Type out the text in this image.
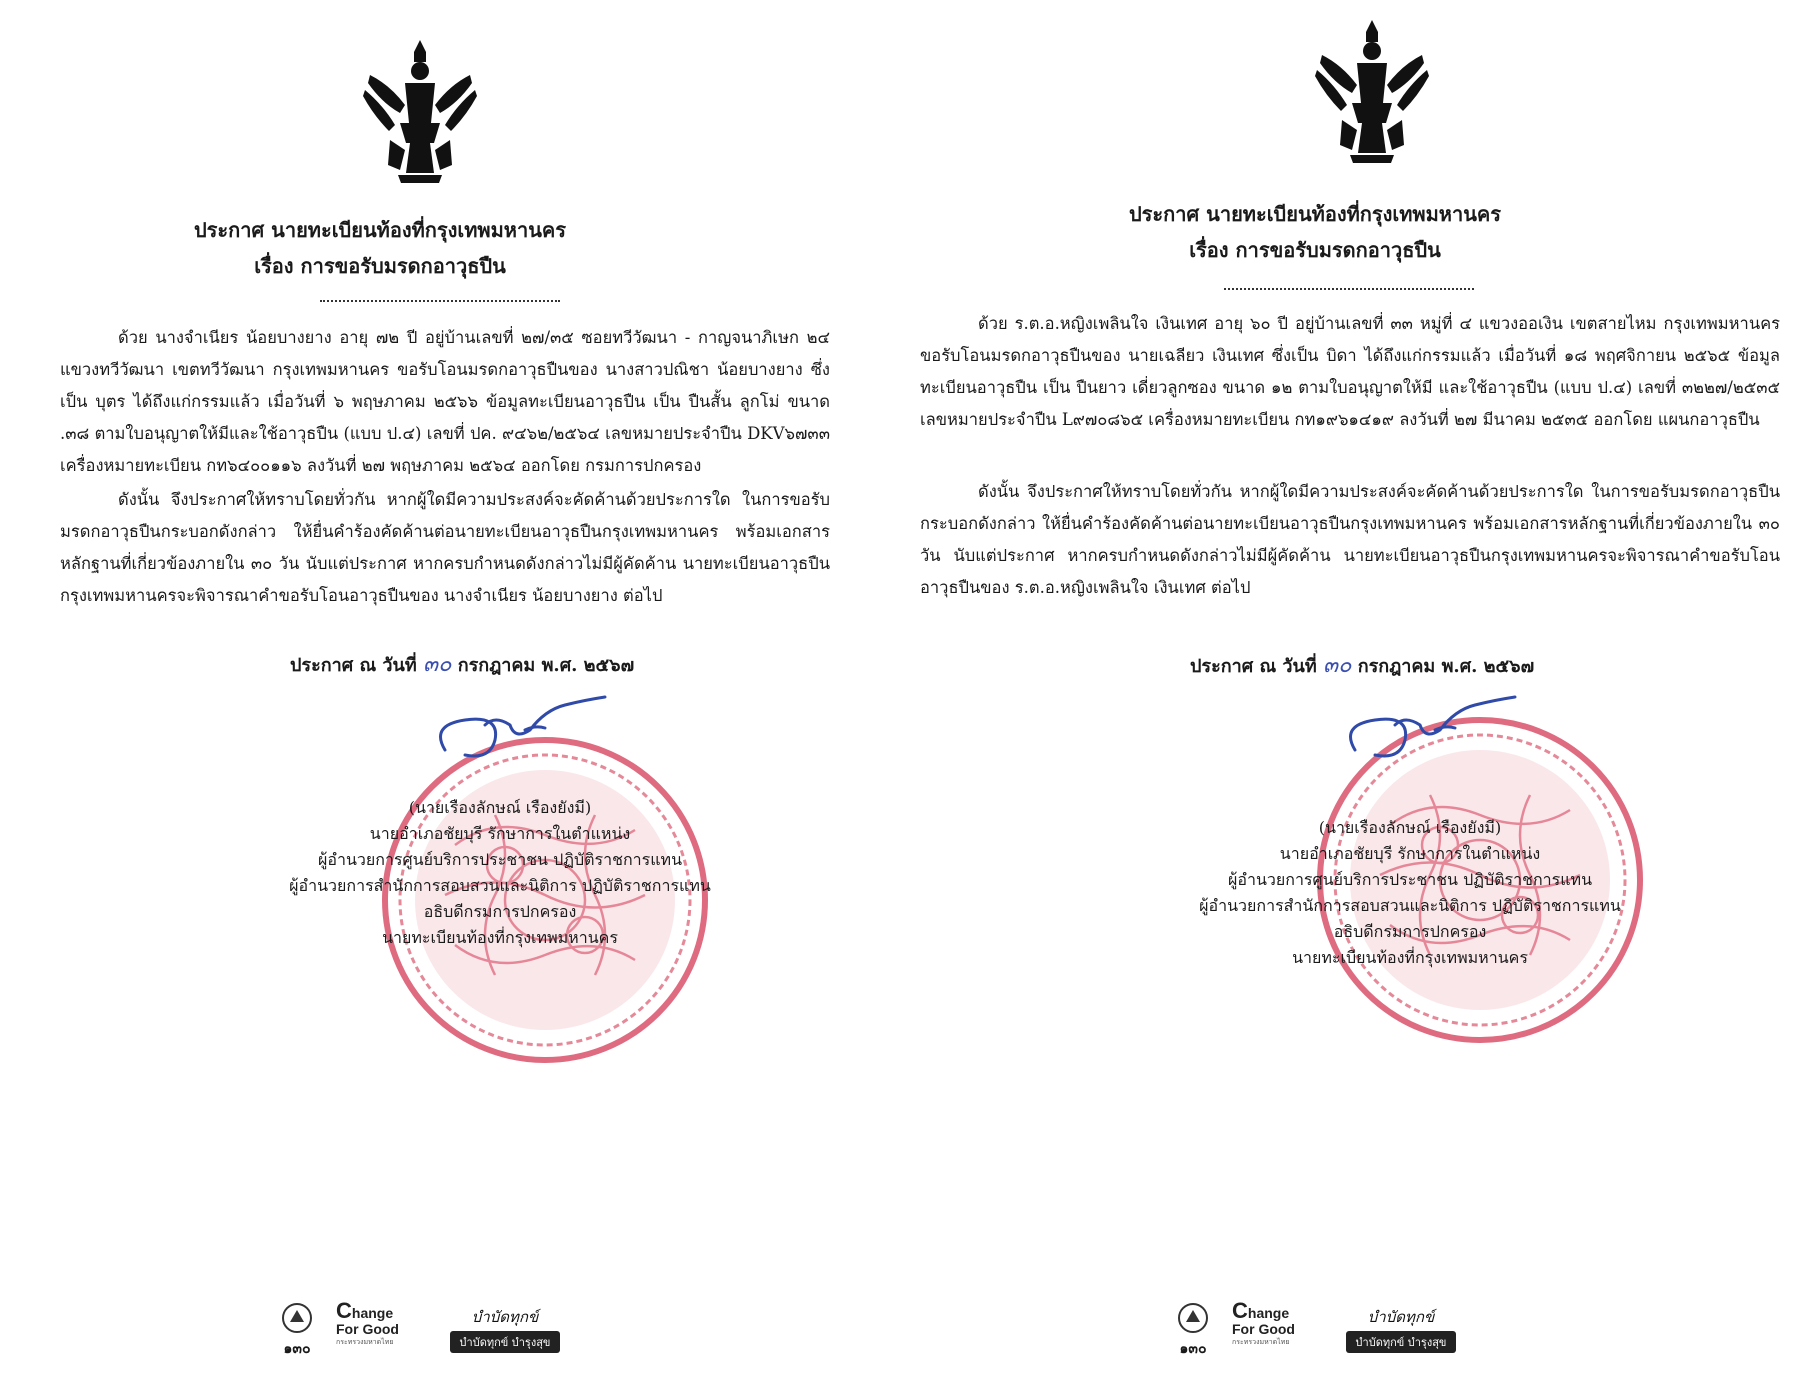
ประกาศ นายทะเบียนท้องที่กรุงเทพมหานคร
เรื่อง การขอรับมรดกอาวุธปืน

ด้วย นางจำเนียร น้อยบางยาง อายุ ๗๒ ปี อยู่บ้านเลขที่ ๒๗/๓๕ ซอยทวีวัฒนา - กาญจนาภิเษก ๒๔ แขวงทวีวัฒนา เขตทวีวัฒนา กรุงเทพมหานคร ขอรับโอนมรดกอาวุธปืนของ นางสาวปณิชา น้อยบางยาง ซึ่งเป็น บุตร ได้ถึงแก่กรรมแล้ว เมื่อวันที่ ๖ พฤษภาคม ๒๕๖๖ ข้อมูลทะเบียนอาวุธปืน เป็น ปืนสั้น ลูกโม่ ขนาด .๓๘ ตามใบอนุญาตให้มีและใช้อาวุธปืน (แบบ ป.๔) เลขที่ ปค. ๙๔๖๒/๒๕๖๔ เลขหมายประจำปืน DKV๖๗๓๓ เครื่องหมายทะเบียน กท๖๔๐๐๑๑๖ ลงวันที่ ๒๗ พฤษภาคม ๒๕๖๔ ออกโดย กรมการปกครอง

ดังนั้น จึงประกาศให้ทราบโดยทั่วกัน หากผู้ใดมีความประสงค์จะคัดค้านด้วยประการใด ในการขอรับมรดกอาวุธปืนกระบอกดังกล่าว ให้ยื่นคำร้องคัดค้านต่อนายทะเบียนอาวุธปืนกรุงเทพมหานคร พร้อมเอกสารหลักฐานที่เกี่ยวข้องภายใน ๓๐ วัน นับแต่ประกาศ หากครบกำหนดดังกล่าวไม่มีผู้คัดค้าน นายทะเบียนอาวุธปืนกรุงเทพมหานครจะพิจารณาคำขอรับโอนอาวุธปืนของ นางจำเนียร น้อยบางยาง ต่อไป

ประกาศ ณ วันที่ ๓๐ กรกฎาคม พ.ศ. ๒๕๖๗
(นายเรืองลักษณ์ เรืองยังมี)
นายอำเภอชัยบุรี รักษาการในตำแหน่ง
ผู้อำนวยการศูนย์บริการประชาชน ปฏิบัติราชการแทน
ผู้อำนวยการสำนักการสอบสวนและนิติการ ปฏิบัติราชการแทน
อธิบดีกรมการปกครอง
นายทะเบียนท้องที่กรุงเทพมหานคร
๑๓๐
Change
For Good
กระทรวงมหาดไทย
บำบัดทุกข์
บำบัดทุกข์ บำรุงสุข
ประกาศ นายทะเบียนท้องที่กรุงเทพมหานคร
เรื่อง การขอรับมรดกอาวุธปืน

ด้วย ร.ต.อ.หญิงเพลินใจ เงินเทศ อายุ ๖๐ ปี อยู่บ้านเลขที่ ๓๓ หมู่ที่ ๔ แขวงออเงิน เขตสายไหม กรุงเทพมหานคร ขอรับโอนมรดกอาวุธปืนของ นายเฉลียว เงินเทศ ซึ่งเป็น บิดา ได้ถึงแก่กรรมแล้ว เมื่อวันที่ ๑๘ พฤศจิกายน ๒๕๖๕ ข้อมูลทะเบียนอาวุธปืน เป็น ปืนยาว เดี่ยวลูกซอง ขนาด ๑๒ ตามใบอนุญาตให้มี และใช้อาวุธปืน (แบบ ป.๔) เลขที่ ๓๒๒๗/๒๕๓๕ เลขหมายประจำปืน L๙๗๐๘๖๕ เครื่องหมายทะเบียน กท๑๙๖๑๔๑๙ ลงวันที่ ๒๗ มีนาคม ๒๕๓๕ ออกโดย แผนกอาวุธปืน

ดังนั้น จึงประกาศให้ทราบโดยทั่วกัน หากผู้ใดมีความประสงค์จะคัดค้านด้วยประการใด ในการขอรับมรดกอาวุธปืนกระบอกดังกล่าว ให้ยื่นคำร้องคัดค้านต่อนายทะเบียนอาวุธปืนกรุงเทพมหานคร พร้อมเอกสารหลักฐานที่เกี่ยวข้องภายใน ๓๐ วัน นับแต่ประกาศ หากครบกำหนดดังกล่าวไม่มีผู้คัดค้าน นายทะเบียนอาวุธปืนกรุงเทพมหานครจะพิจารณาคำขอรับโอนอาวุธปืนของ ร.ต.อ.หญิงเพลินใจ เงินเทศ ต่อไป

ประกาศ ณ วันที่ ๓๐ กรกฎาคม พ.ศ. ๒๕๖๗
(นายเรืองลักษณ์ เรืองยังมี)
นายอำเภอชัยบุรี รักษาการในตำแหน่ง
ผู้อำนวยการศูนย์บริการประชาชน ปฏิบัติราชการแทน
ผู้อำนวยการสำนักการสอบสวนและนิติการ ปฏิบัติราชการแทน
อธิบดีกรมการปกครอง
นายทะเบียนท้องที่กรุงเทพมหานคร
๑๓๐
Change
For Good
กระทรวงมหาดไทย
บำบัดทุกข์
บำบัดทุกข์ บำรุงสุข
